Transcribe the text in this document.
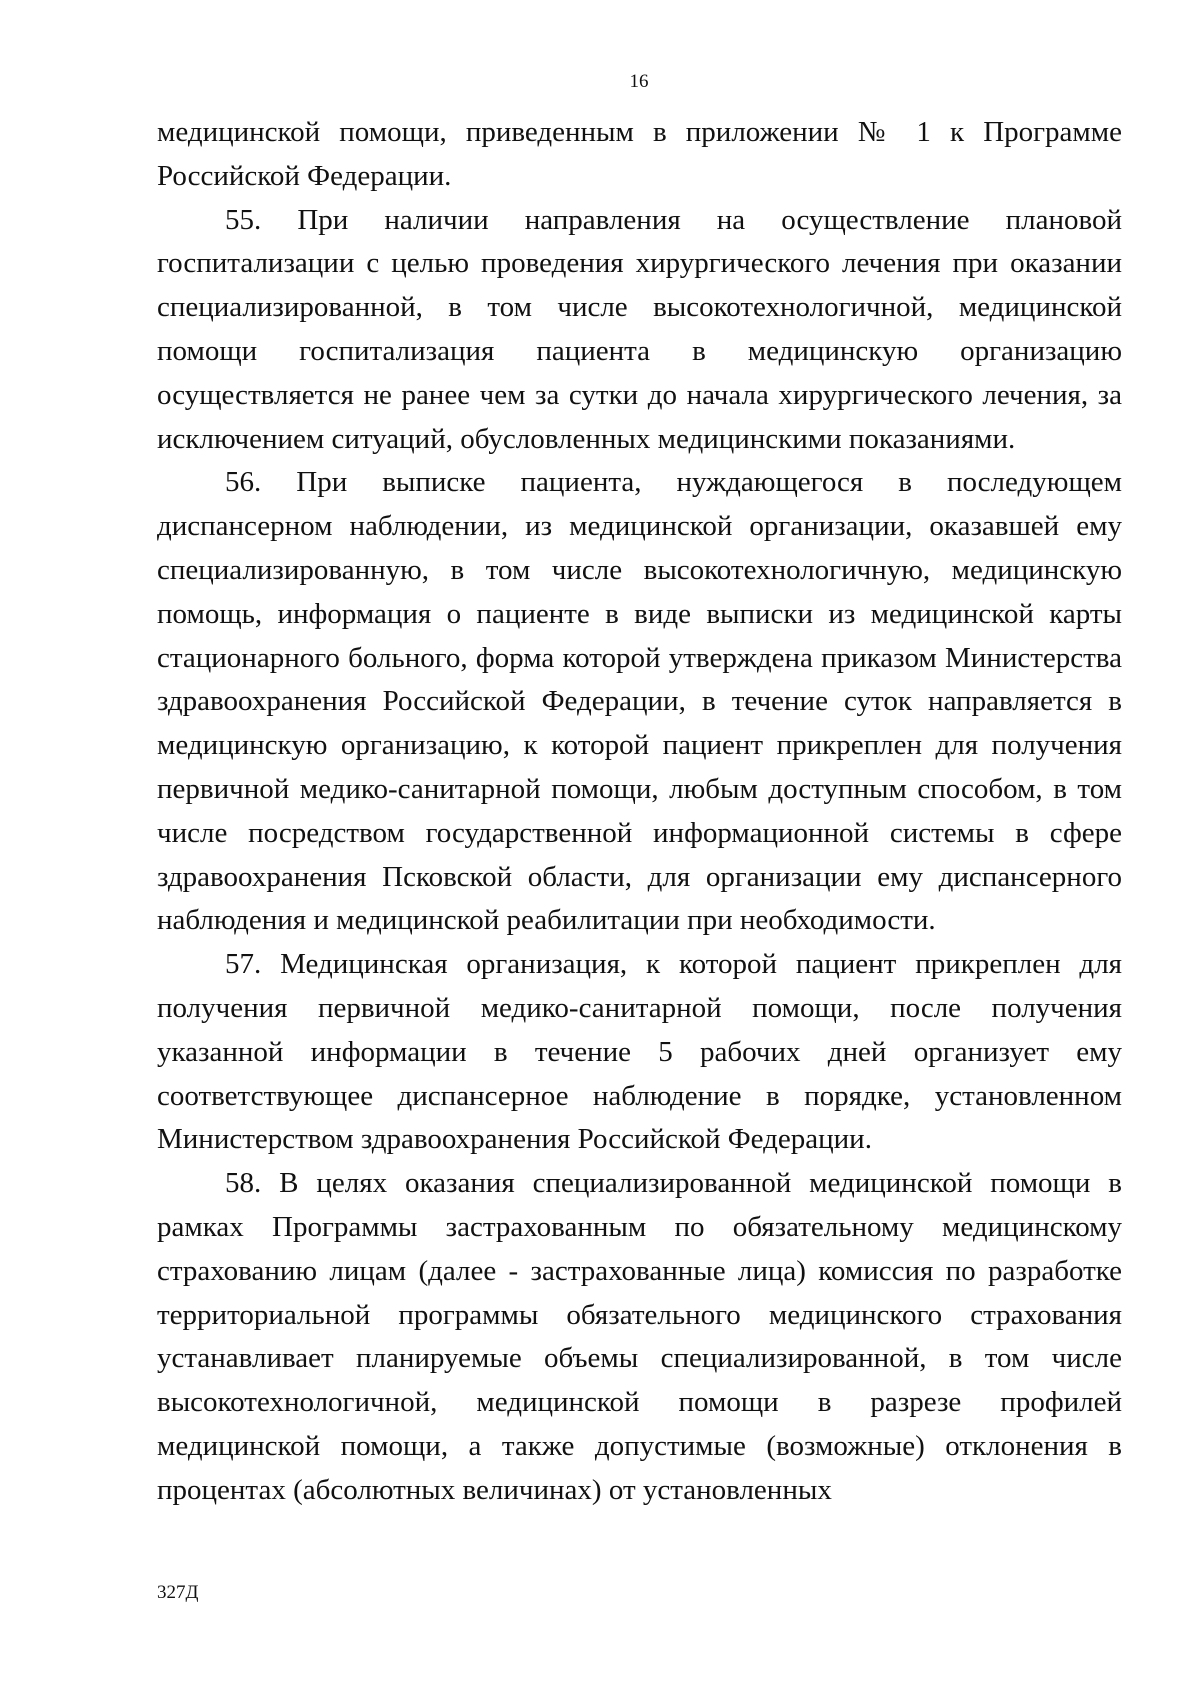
16

медицинской помощи, приведенным в приложении № 1 к Программе Российской Федерации.

55. При наличии направления на осуществление плановой госпитализации с целью проведения хирургического лечения при оказании специализированной, в том числе высокотехнологичной, медицинской помощи госпитализация пациента в медицинскую организацию осуществляется не ранее чем за сутки до начала хирургического лечения, за исключением ситуаций, обусловленных медицинскими показаниями.

56. При выписке пациента, нуждающегося в последующем диспансерном наблюдении, из медицинской организации, оказавшей ему специализированную, в том числе высокотехнологичную, медицинскую помощь, информация о пациенте в виде выписки из медицинской карты стационарного больного, форма которой утверждена приказом Министерства здравоохранения Российской Федерации, в течение суток направляется в медицинскую организацию, к которой пациент прикреплен для получения первичной медико-санитарной помощи, любым доступным способом, в том числе посредством государственной информационной системы в сфере здравоохранения Псковской области, для организации ему диспансерного наблюдения и медицинской реабилитации при необходимости.

57. Медицинская организация, к которой пациент прикреплен для получения первичной медико-санитарной помощи, после получения указанной информации в течение 5 рабочих дней организует ему соответствующее диспансерное наблюдение в порядке, установленном Министерством здравоохранения Российской Федерации.

58. В целях оказания специализированной медицинской помощи в рамках Программы застрахованным по обязательному медицинскому страхованию лицам (далее - застрахованные лица) комиссия по разработке территориальной программы обязательного медицинского страхования устанавливает планируемые объемы специализированной, в том числе высокотехнологичной, медицинской помощи в разрезе профилей медицинской помощи, а также допустимые (возможные) отклонения в процентах (абсолютных величинах) от установленных

327Д
